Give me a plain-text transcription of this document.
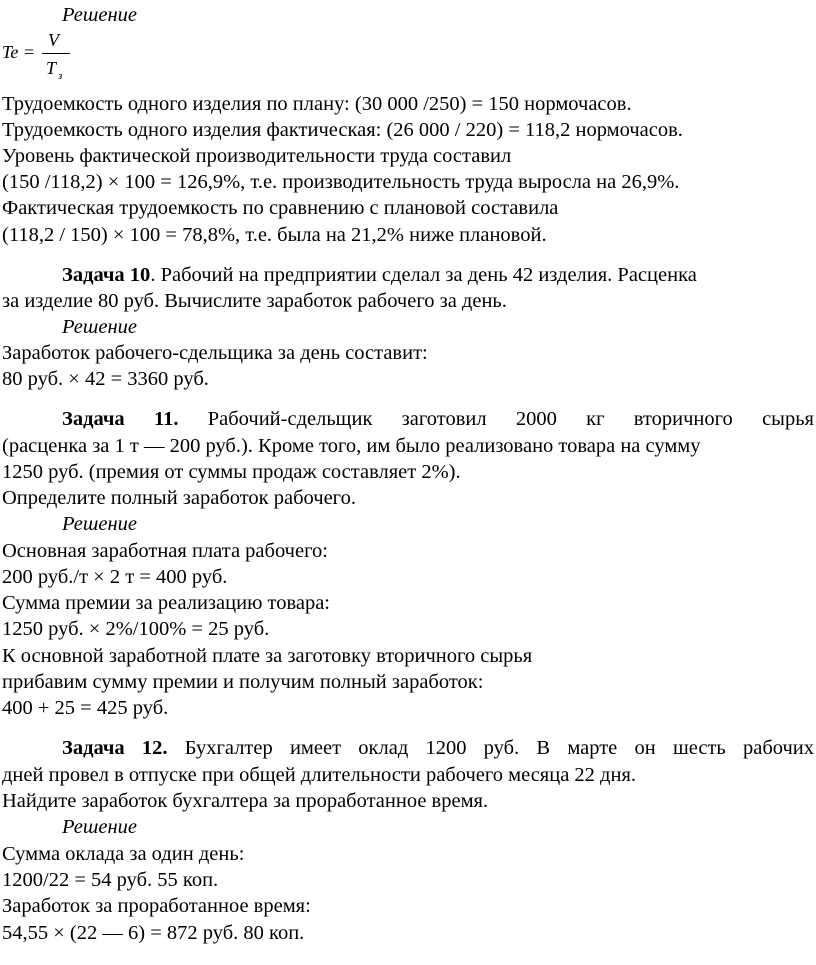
Решение
Te =
V
T $_з$
Трудоемкость одного изделия по плану: (30 000 /250) = 150 нормочасов.
Трудоемкость одного изделия фактическая: (26 000 / 220) = 118,2 нормочасов.
Уровень фактической производительности труда составил
(150 /118,2) × 100 = 126,9%, т.е. производительность труда выросла на 26,9%.
Фактическая трудоемкость по сравнению с плановой составила
(118,2 / 150) × 100 = 78,8%, т.е. была на 21,2% ниже плановой.
Задача 10. Рабочий на предприятии сделал за день 42 изделия. Расценка
за изделие 80 руб. Вычислите заработок рабочего за день.
Решение
Заработок рабочего-сдельщика за день составит:
80 руб. × 42 = 3360 руб.
Задача 11. Рабочий-сдельщик заготовил 2000 кг вторичного сырья
(расценка за 1 т — 200 руб.). Кроме того, им было реализовано товара на сумму
1250 руб. (премия от суммы продаж составляет 2%).
Определите полный заработок рабочего.
Решение
Основная заработная плата рабочего:
200 руб./т × 2 т = 400 руб.
Сумма премии за реализацию товара:
1250 руб. × 2%/100% = 25 руб.
К основной заработной плате за заготовку вторичного сырья
прибавим сумму премии и получим полный заработок:
400 + 25 = 425 руб.
Задача 12. Бухгалтер имеет оклад 1200 руб. В марте он шесть рабочих
дней провел в отпуске при общей длительности рабочего месяца 22 дня.
Найдите заработок бухгалтера за проработанное время.
Решение
Сумма оклада за один день:
1200/22 = 54 руб. 55 коп.
Заработок за проработанное время:
54,55 × (22 — 6) = 872 руб. 80 коп.
